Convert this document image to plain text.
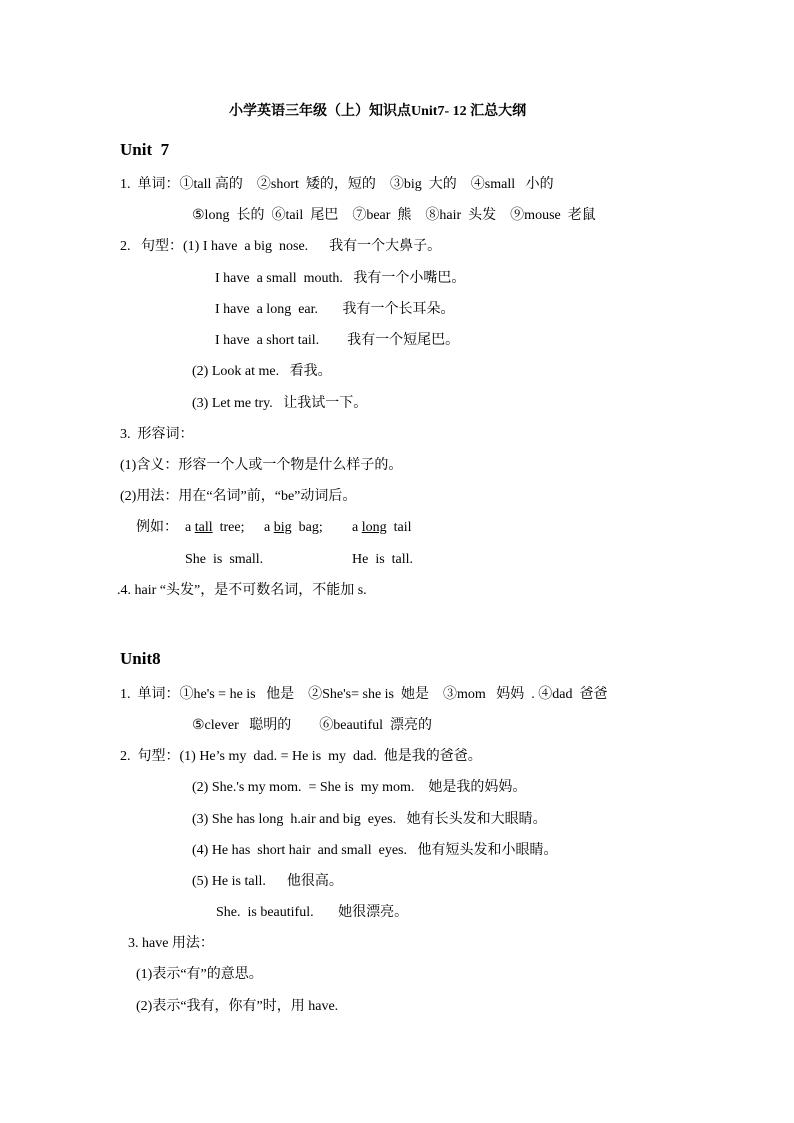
小学英语三年级（上）知识点Unit7- 12 汇总大纲
Unit  7
1.  单词：①tall 高的    ②short  矮的，短的    ③big  大的    ④small   小的
⑤long  长的  ⑥tail  尾巴    ⑦bear  熊    ⑧hair  头发    ⑨mouse  老鼠
2.   句型：(1) I have  a big  nose.      我有一个大鼻子。
I have  a small  mouth.   我有一个小嘴巴。
I have  a long  ear.       我有一个长耳朵。
I have  a short tail.        我有一个短尾巴。
(2) Look at me.   看我。
(3) Let me try.   让我试一下。
3.  形容词：
(1)含义：形容一个人或一个物是什么样子的。
(2)用法：用在“名词”前，“be”动词后。
例如： a tall  tree; a big  bag; a long  tail
She  is  small.	He  is  tall.
.4. hair “头发”，是不可数名词，不能加 s.
Unit8
1.  单词：①he's = he is   他是    ②She's= she is  她是    ③mom   妈妈  . ④dad  爸爸
⑤clever   聪明的        ⑥beautiful  漂亮的
2.  句型：(1) He’s my  dad. = He is  my  dad.  他是我的爸爸。
(2) She.'s my mom.  = She is  my mom.    她是我的妈妈。
(3) She has long  h.air and big  eyes.   她有长头发和大眼睛。
(4) He has  short hair  and small  eyes.   他有短头发和小眼睛。
(5) He is tall.      他很高。
She.  is beautiful.       她很漂亮。
3. have 用法：
(1)表示“有”的意思。
(2)表示“我有，你有”时，用 have.
